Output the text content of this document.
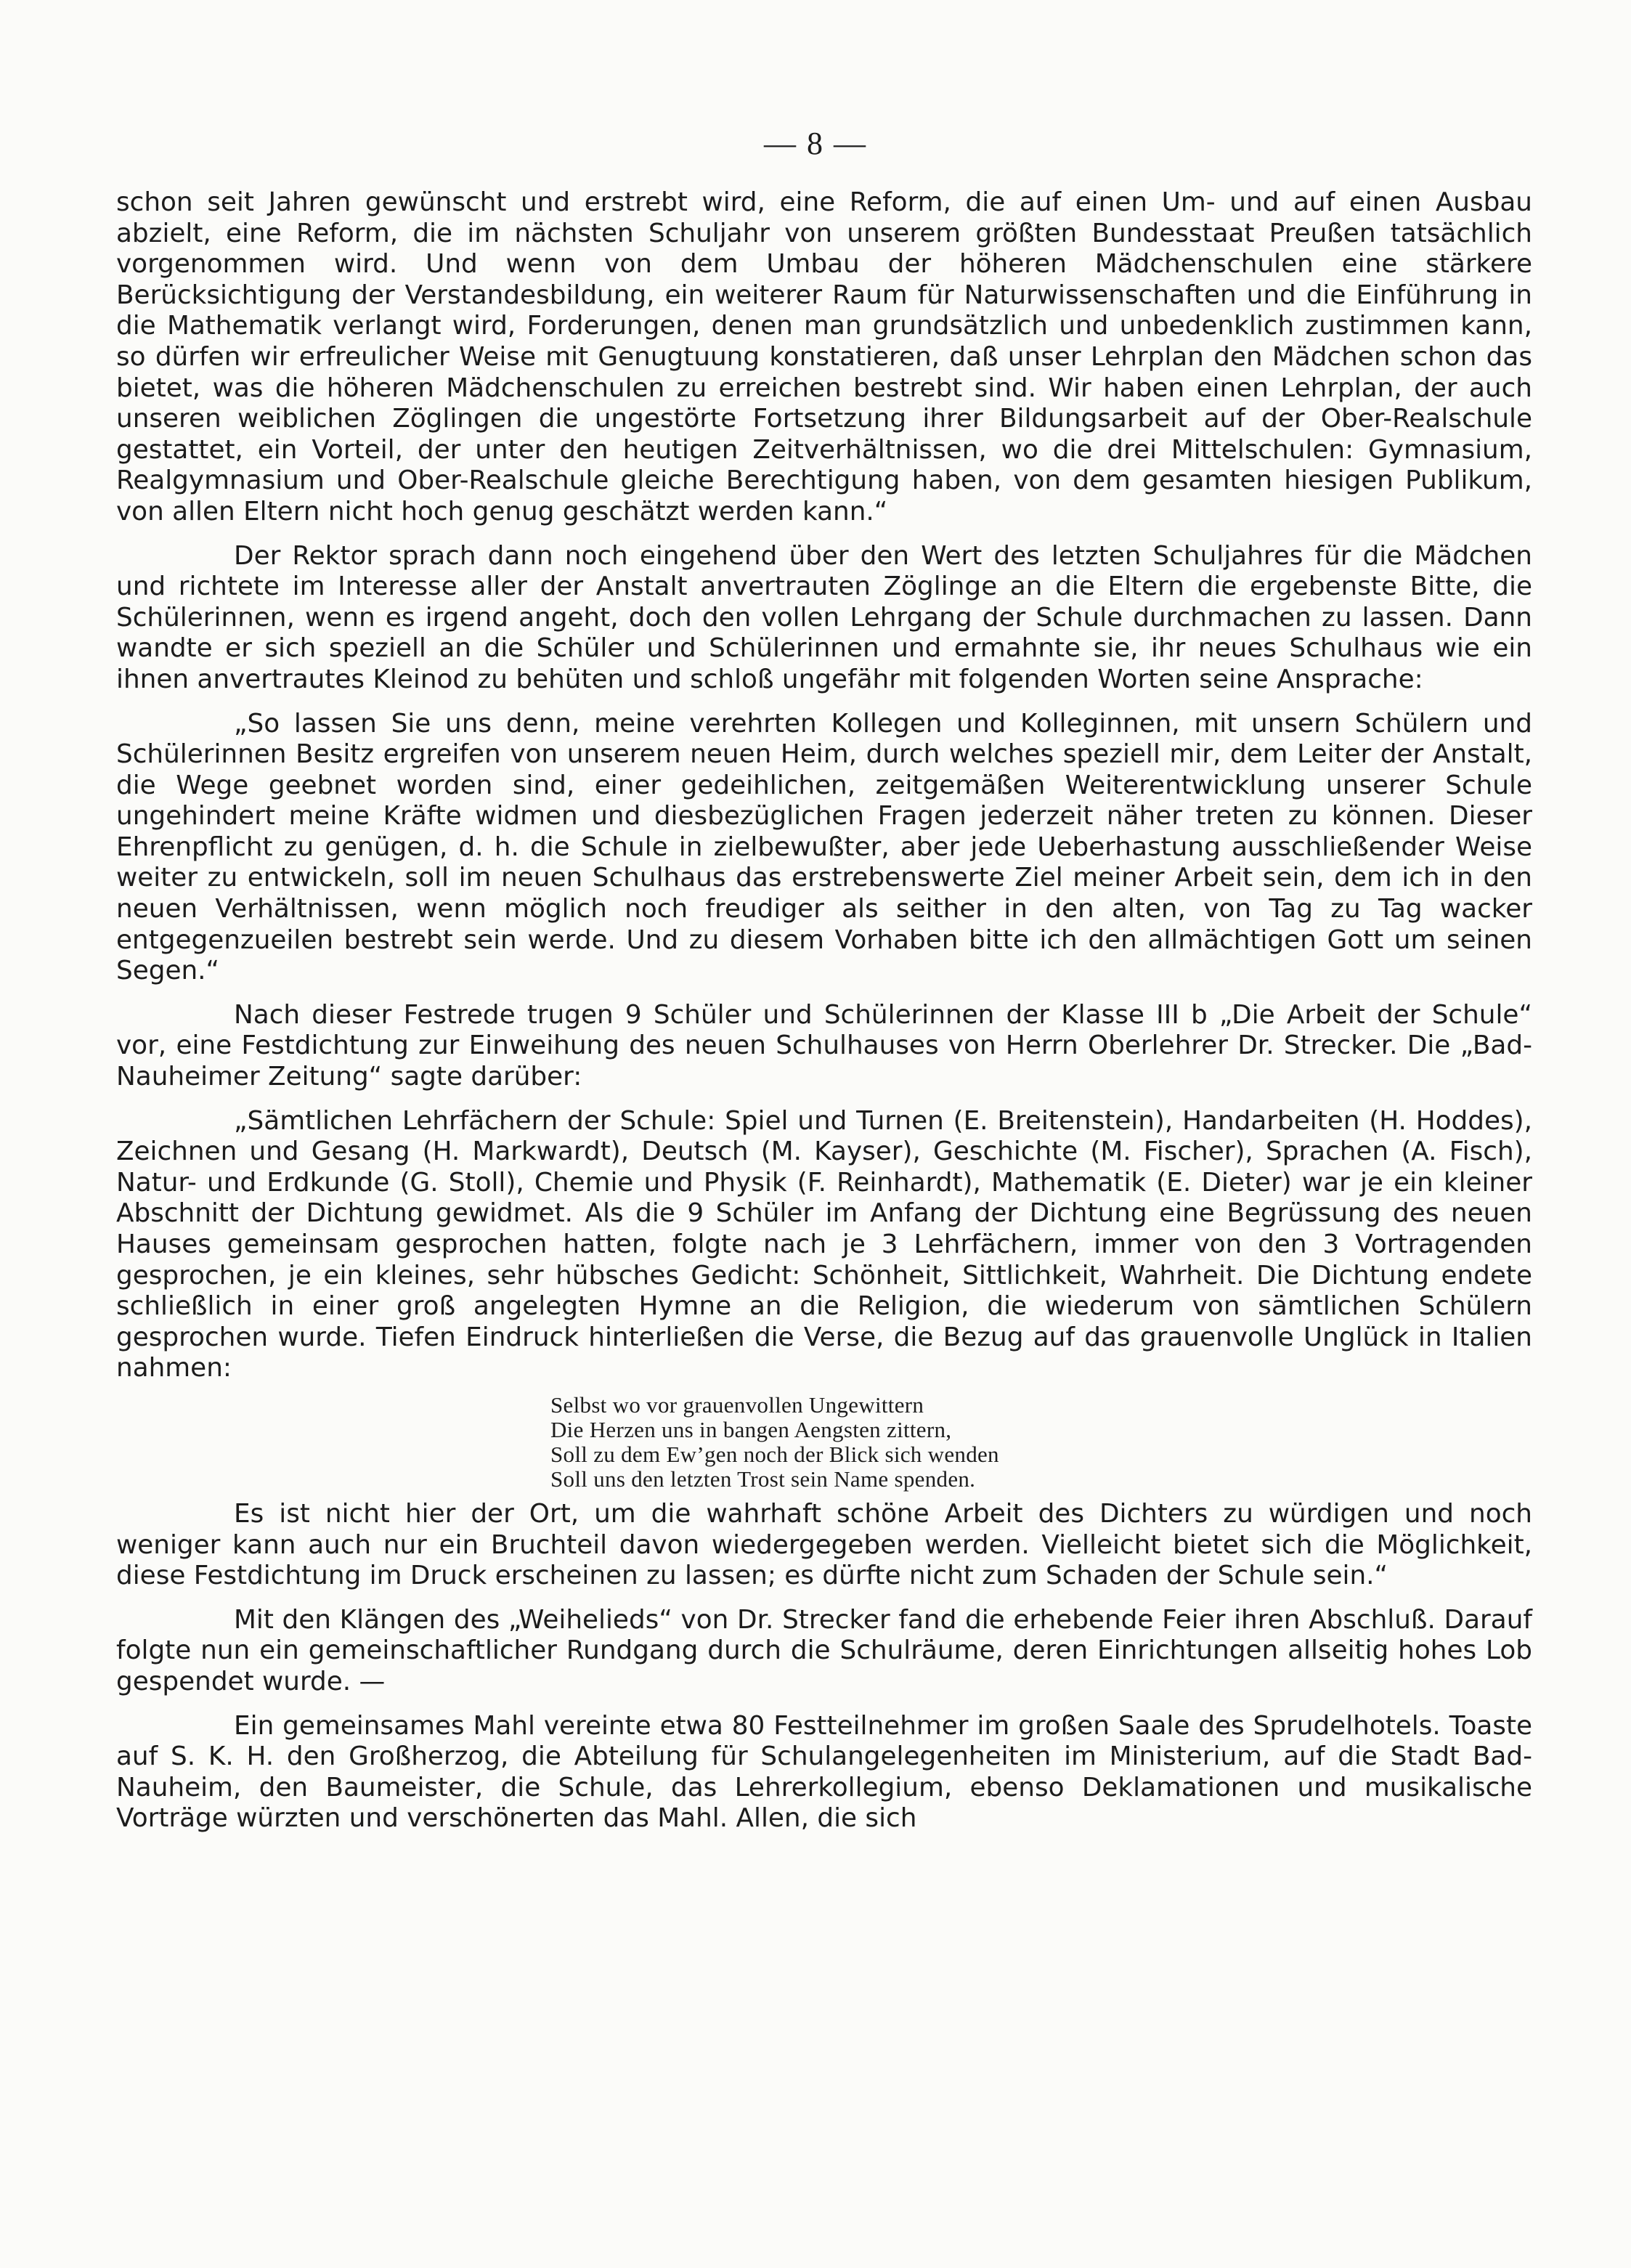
— 8 —

schon seit Jahren gewünscht und erstrebt wird, eine Reform, die auf einen Um- und auf einen Ausbau abzielt, eine Reform, die im nächsten Schuljahr von unserem größten Bundesstaat Preußen tatsächlich vorgenommen wird. Und wenn von dem Umbau der höheren Mädchenschulen eine stärkere Berücksichtigung der Verstandesbildung, ein weiterer Raum für Naturwissenschaften und die Einführung in die Mathematik verlangt wird, Forderungen, denen man grundsätzlich und unbedenklich zustimmen kann, so dürfen wir erfreulicher Weise mit Genugtuung konstatieren, daß unser Lehrplan den Mädchen schon das bietet, was die höheren Mädchenschulen zu erreichen bestrebt sind. Wir haben einen Lehrplan, der auch unseren weiblichen Zöglingen die ungestörte Fortsetzung ihrer Bildungsarbeit auf der Ober-Realschule gestattet, ein Vorteil, der unter den heutigen Zeitverhältnissen, wo die drei Mittelschulen: Gymnasium, Realgymnasium und Ober-Realschule gleiche Berechtigung haben, von dem gesamten hiesigen Publikum, von allen Eltern nicht hoch genug geschätzt werden kann.“

Der Rektor sprach dann noch eingehend über den Wert des letzten Schuljahres für die Mädchen und richtete im Interesse aller der Anstalt anvertrauten Zöglinge an die Eltern die ergebenste Bitte, die Schülerinnen, wenn es irgend angeht, doch den vollen Lehrgang der Schule durchmachen zu lassen. Dann wandte er sich speziell an die Schüler und Schülerinnen und ermahnte sie, ihr neues Schulhaus wie ein ihnen anvertrautes Kleinod zu behüten und schloß ungefähr mit folgenden Worten seine Ansprache:

„So lassen Sie uns denn, meine verehrten Kollegen und Kolleginnen, mit unsern Schülern und Schülerinnen Besitz ergreifen von unserem neuen Heim, durch welches speziell mir, dem Leiter der Anstalt, die Wege geebnet worden sind, einer gedeihlichen, zeitgemäßen Weiterentwicklung unserer Schule ungehindert meine Kräfte widmen und diesbezüglichen Fragen jederzeit näher treten zu können. Dieser Ehrenpflicht zu genügen, d. h. die Schule in zielbewußter, aber jede Ueberhastung ausschließender Weise weiter zu entwickeln, soll im neuen Schulhaus das erstrebenswerte Ziel meiner Arbeit sein, dem ich in den neuen Verhältnissen, wenn möglich noch freudiger als seither in den alten, von Tag zu Tag wacker entgegenzueilen bestrebt sein werde. Und zu diesem Vorhaben bitte ich den allmächtigen Gott um seinen Segen.“

Nach dieser Festrede trugen 9 Schüler und Schülerinnen der Klasse III b „Die Arbeit der Schule“ vor, eine Festdichtung zur Einweihung des neuen Schulhauses von Herrn Oberlehrer Dr. Strecker. Die „Bad-Nauheimer Zeitung“ sagte darüber:

„Sämtlichen Lehrfächern der Schule: Spiel und Turnen (E. Breitenstein), Handarbeiten (H. Hoddes), Zeichnen und Gesang (H. Markwardt), Deutsch (M. Kayser), Geschichte (M. Fischer), Sprachen (A. Fisch), Natur- und Erdkunde (G. Stoll), Chemie und Physik (F. Reinhardt), Mathematik (E. Dieter) war je ein kleiner Abschnitt der Dichtung gewidmet. Als die 9 Schüler im Anfang der Dichtung eine Begrüssung des neuen Hauses gemeinsam gesprochen hatten, folgte nach je 3 Lehrfächern, immer von den 3 Vortragenden gesprochen, je ein kleines, sehr hübsches Gedicht: Schönheit, Sittlichkeit, Wahrheit. Die Dichtung endete schließlich in einer groß angelegten Hymne an die Religion, die wiederum von sämtlichen Schülern gesprochen wurde. Tiefen Eindruck hinterließen die Verse, die Bezug auf das grauenvolle Unglück in Italien nahmen:

Selbst wo vor grauenvollen Ungewittern
Die Herzen uns in bangen Aengsten zittern,
Soll zu dem Ew’gen noch der Blick sich wenden
Soll uns den letzten Trost sein Name spenden.

Es ist nicht hier der Ort, um die wahrhaft schöne Arbeit des Dichters zu würdigen und noch weniger kann auch nur ein Bruchteil davon wiedergegeben werden. Vielleicht bietet sich die Möglichkeit, diese Festdichtung im Druck erscheinen zu lassen; es dürfte nicht zum Schaden der Schule sein.“

Mit den Klängen des „Weihelieds“ von Dr. Strecker fand die erhebende Feier ihren Abschluß. Darauf folgte nun ein gemeinschaftlicher Rundgang durch die Schulräume, deren Einrichtungen allseitig hohes Lob gespendet wurde. —

Ein gemeinsames Mahl vereinte etwa 80 Festteilnehmer im großen Saale des Sprudelhotels. Toaste auf S. K. H. den Großherzog, die Abteilung für Schulangelegenheiten im Ministerium, auf die Stadt Bad-Nauheim, den Baumeister, die Schule, das Lehrerkollegium, ebenso Deklamationen und musikalische Vorträge würzten und verschönerten das Mahl. Allen, die sich
